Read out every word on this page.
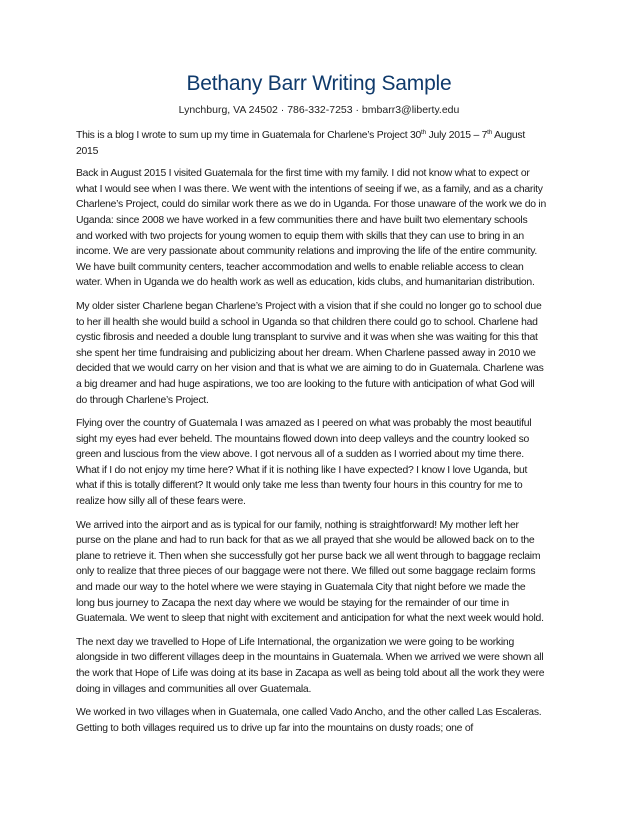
Bethany Barr Writing Sample
Lynchburg, VA 24502 · 786-332-7253 · bmbarr3@liberty.edu

This is a blog I wrote to sum up my time in Guatemala for Charlene’s Project 30th July 2015 – 7th August 2015

Back in August 2015 I visited Guatemala for the first time with my family. I did not know what to expect or what I would see when I was there. We went with the intentions of seeing if we, as a family, and as a charity Charlene’s Project, could do similar work there as we do in Uganda. For those unaware of the work we do in Uganda: since 2008 we have worked in a few communities there and have built two elementary schools and worked with two projects for young women to equip them with skills that they can use to bring in an income. We are very passionate about community relations and improving the life of the entire community. We have built community centers, teacher accommodation and wells to enable reliable access to clean water. When in Uganda we do health work as well as education, kids clubs, and humanitarian distribution.

My older sister Charlene began Charlene’s Project with a vision that if she could no longer go to school due to her ill health she would build a school in Uganda so that children there could go to school. Charlene had cystic fibrosis and needed a double lung transplant to survive and it was when she was waiting for this that she spent her time fundraising and publicizing about her dream. When Charlene passed away in 2010 we decided that we would carry on her vision and that is what we are aiming to do in Guatemala. Charlene was a big dreamer and had huge aspirations, we too are looking to the future with anticipation of what God will do through Charlene’s Project.

Flying over the country of Guatemala I was amazed as I peered on what was probably the most beautiful sight my eyes had ever beheld. The mountains flowed down into deep valleys and the country looked so green and luscious from the view above. I got nervous all of a sudden as I worried about my time there. What if I do not enjoy my time here? What if it is nothing like I have expected? I know I love Uganda, but what if this is totally different? It would only take me less than twenty four hours in this country for me to realize how silly all of these fears were.

We arrived into the airport and as is typical for our family, nothing is straightforward! My mother left her purse on the plane and had to run back for that as we all prayed that she would be allowed back on to the plane to retrieve it. Then when she successfully got her purse back we all went through to baggage reclaim only to realize that three pieces of our baggage were not there. We filled out some baggage reclaim forms and made our way to the hotel where we were staying in Guatemala City that night before we made the long bus journey to Zacapa the next day where we would be staying for the remainder of our time in Guatemala. We went to sleep that night with excitement and anticipation for what the next week would hold.

The next day we travelled to Hope of Life International, the organization we were going to be working alongside in two different villages deep in the mountains in Guatemala. When we arrived we were shown all the work that Hope of Life was doing at its base in Zacapa as well as being told about all the work they were doing in villages and communities all over Guatemala.

We worked in two villages when in Guatemala, one called Vado Ancho, and the other called Las Escaleras. Getting to both villages required us to drive up far into the mountains on dusty roads; one of
